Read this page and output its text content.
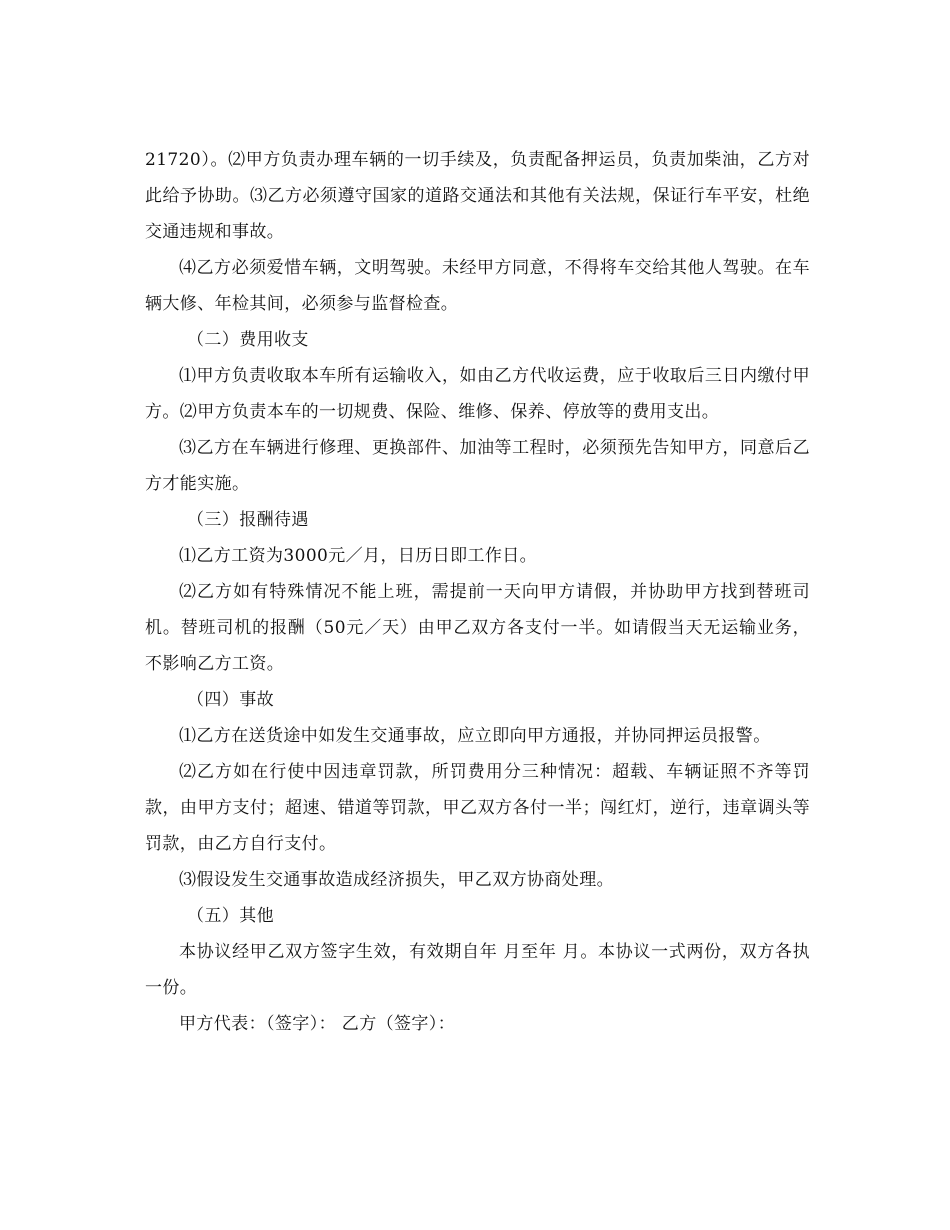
21720）。⑵甲方负责办理车辆的一切手续及，负责配备押运员，负责加柴油，乙方对此给予协助。⑶乙方必须遵守国家的道路交通法和其他有关法规，保证行车平安，杜绝交通违规和事故。

⑷乙方必须爱惜车辆，文明驾驶。未经甲方同意，不得将车交给其他人驾驶。在车辆大修、年检其间，必须参与监督检查。

（二）费用收支

⑴甲方负责收取本车所有运输收入，如由乙方代收运费，应于收取后三日内缴付甲方。⑵甲方负责本车的一切规费、保险、维修、保养、停放等的费用支出。

⑶乙方在车辆进行修理、更换部件、加油等工程时，必须预先告知甲方，同意后乙方才能实施。

（三）报酬待遇

⑴乙方工资为3000元／月，日历日即工作日。

⑵乙方如有特殊情况不能上班，需提前一天向甲方请假，并协助甲方找到替班司机。替班司机的报酬（50元／天）由甲乙双方各支付一半。如请假当天无运输业务，不影响乙方工资。

（四）事故

⑴乙方在送货途中如发生交通事故，应立即向甲方通报，并协同押运员报警。

⑵乙方如在行使中因违章罚款，所罚费用分三种情况：超载、车辆证照不齐等罚款，由甲方支付；超速、错道等罚款，甲乙双方各付一半；闯红灯，逆行，违章调头等罚款，由乙方自行支付。

⑶假设发生交通事故造成经济损失，甲乙双方协商处理。

（五）其他

本协议经甲乙双方签字生效，有效期自年 月至年 月。本协议一式两份，双方各执一份。

甲方代表：（签字）： 乙方（签字）：
